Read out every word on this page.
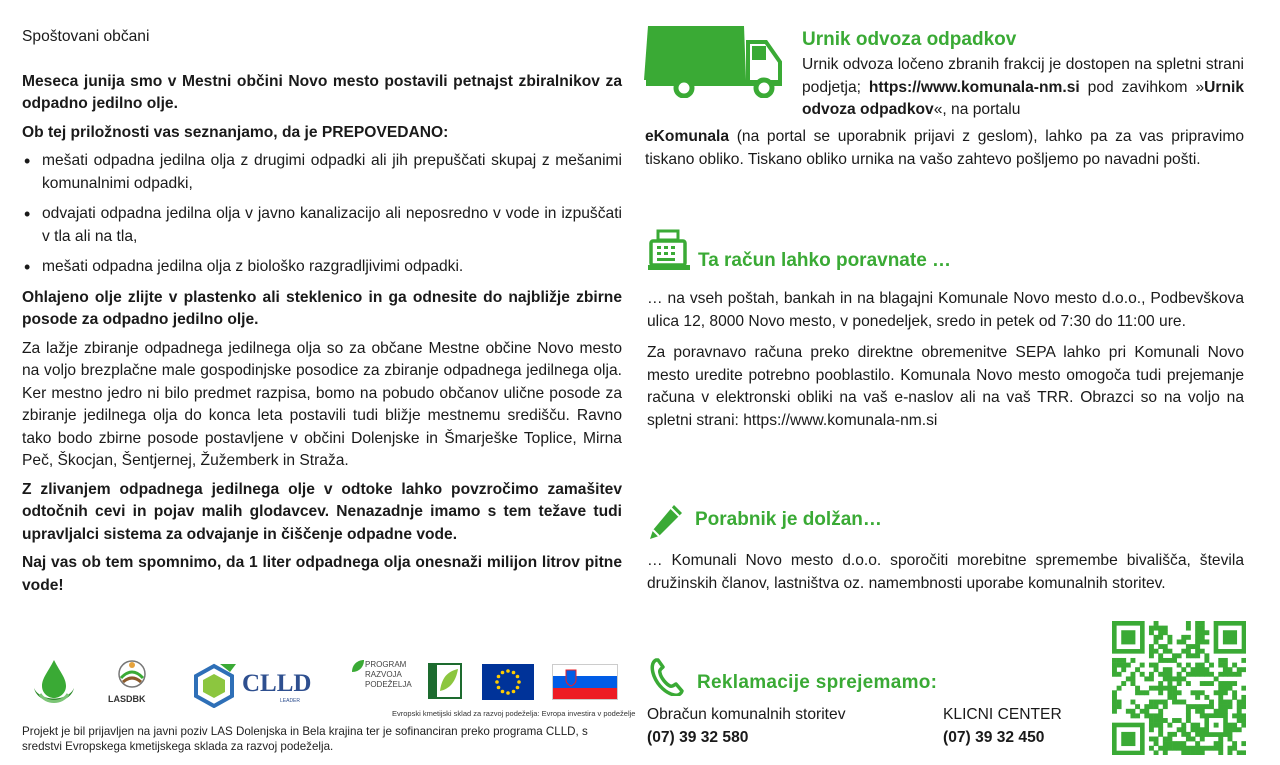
Spoštovani občani

Meseca junija smo v Mestni občini Novo mesto postavili petnajst zbiralnikov za odpadno jedilno olje.

Ob tej priložnosti vas seznanjamo, da je PREPOVEDANO:

• mešati odpadna jedilna olja z drugimi odpadki ali jih prepuščati skupaj z mešanimi komunalnimi odpadki,
• odvajati odpadna jedilna olja v javno kanalizacijo ali neposredno v vode in izpuščati v tla ali na tla,
• mešati odpadna jedilna olja z biološko razgradljivimi odpadki.

Ohlajeno olje zlijte v plastenko ali steklenico in ga odnesite do najbližje zbirne posode za odpadno jedilno olje.

Za lažje zbiranje odpadnega jedilnega olja so za občane Mestne občine Novo mesto na voljo brezplačne male gospodinjske posodice za zbiranje odpadnega jedilnega olja. Ker mestno jedro ni bilo predmet razpisa, bomo na pobudo občanov ulične posode za zbiranje jedilnega olja do konca leta postavili tudi bližje mestnemu središču. Ravno tako bodo zbirne posode postavljene v občini Dolenjske in Šmarješke Toplice, Mirna Peč, Škocjan, Šentjernej, Žužemberk in Straža.

Z zlivanjem odpadnega jedilnega olje v odtoke lahko povzročimo zamašitev odtočnih cevi in pojav malih glodavcev. Nenazadnje imamo s tem težave tudi upravljalci sistema za odvajanje in čiščenje odpadne vode.

Naj vas ob tem spomnimo, da 1 liter odpadnega olja onesnaži milijon litrov pitne vode!

LASDBK
CLLD
LEADER
PROGRAM
RAZVOJA
PODEŽELJA
Evropski kmetijski sklad za razvoj podeželja: Evropa investira v podeželje
Projekt je bil prijavljen na javni poziv LAS Dolenjska in Bela krajina ter je sofinanciran preko programa CLLD, s sredstvi Evropskega kmetijskega sklada za razvoj podeželja.
Urnik odvoza odpadkov
Urnik odvoza ločeno zbranih frakcij je dostopen na spletni strani podjetja; https://www.komunala-nm.si pod zavihkom »Urnik odvoza odpadkov«, na portalu
eKomunala (na portal se uporabnik prijavi z geslom), lahko pa za vas pripravimo tiskano obliko. Tiskano obliko urnika na vašo zahtevo pošljemo po navadni pošti.
Ta račun lahko poravnate …

… na vseh poštah, bankah in na blagajni Komunale Novo mesto d.o.o., Podbevškova ulica 12, 8000 Novo mesto, v ponedeljek, sredo in petek od 7:30 do 11:00 ure.

Za poravnavo računa preko direktne obremenitve SEPA lahko pri Komunali Novo mesto uredite potrebno pooblastilo. Komunala Novo mesto omogoča tudi prejemanje računa v elektronski obliki na vaš e-naslov ali na vaš TRR. Obrazci so na voljo na spletni strani: https://www.komunala-nm.si

Porabnik je dolžan…
… Komunali Novo mesto d.o.o. sporočiti morebitne spremembe bivališča, števila družinskih članov, lastništva oz. namembnosti uporabe komunalnih storitev.
Reklamacije sprejemamo:
Obračun komunalnih storitev
(07) 39 32 580
KLICNI CENTER
(07) 39 32 450
